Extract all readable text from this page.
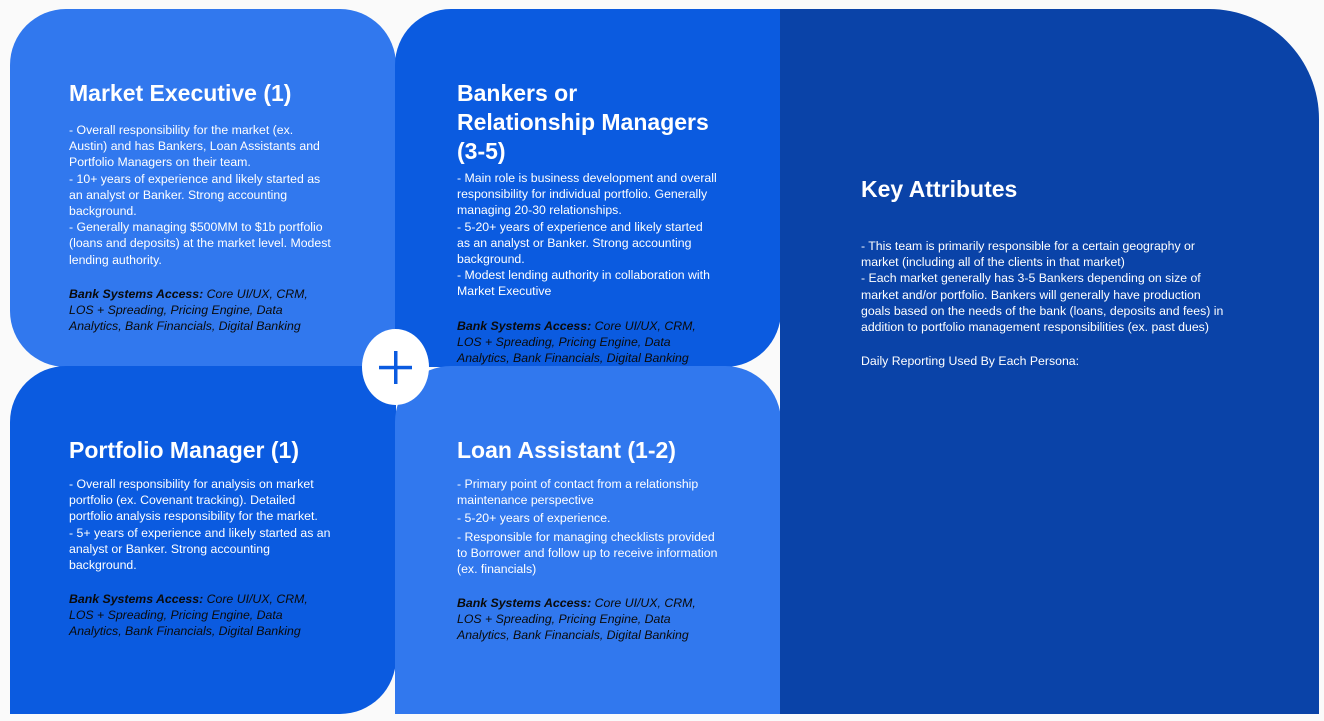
Market Executive (1)
- Overall responsibility for the market (ex. Austin) and has Bankers, Loan Assistants and Portfolio Managers on their team.
- 10+ years of experience and likely started as an analyst or Banker. Strong accounting background.
- Generally managing $500MM to $1b portfolio (loans and deposits) at the market level. Modest lending authority.
Bank Systems Access: Core UI/UX, CRM, LOS + Spreading, Pricing Engine, Data Analytics, Bank Financials, Digital Banking
Bankers or Relationship Managers (3-5)
- Main role is business development and overall responsibility for individual portfolio. Generally managing 20-30 relationships.
- 5-20+ years of experience and likely started as an analyst or Banker. Strong accounting background.
- Modest lending authority in collaboration with Market Executive
Bank Systems Access: Core UI/UX, CRM, LOS + Spreading, Pricing Engine, Data Analytics, Bank Financials, Digital Banking
Portfolio Manager (1)
- Overall responsibility for analysis on market portfolio (ex. Covenant tracking). Detailed portfolio analysis responsibility for the market.
- 5+ years of experience and likely started as an analyst or Banker. Strong accounting background.
Bank Systems Access: Core UI/UX, CRM, LOS + Spreading, Pricing Engine, Data Analytics, Bank Financials, Digital Banking
Loan Assistant (1-2)
- Primary point of contact from a relationship maintenance perspective
- 5-20+ years of experience.
- Responsible for managing checklists provided to Borrower and follow up to receive information (ex. financials)
Bank Systems Access: Core UI/UX, CRM, LOS + Spreading, Pricing Engine, Data Analytics, Bank Financials, Digital Banking
Key Attributes
- This team is primarily responsible for a certain geography or market (including all of the clients in that market)
- Each market generally has 3-5 Bankers depending on size of market and/or portfolio. Bankers will generally have production goals based on the needs of the bank (loans, deposits and fees) in addition to portfolio management responsibilities (ex. past dues)
Daily Reporting Used By Each Persona:
